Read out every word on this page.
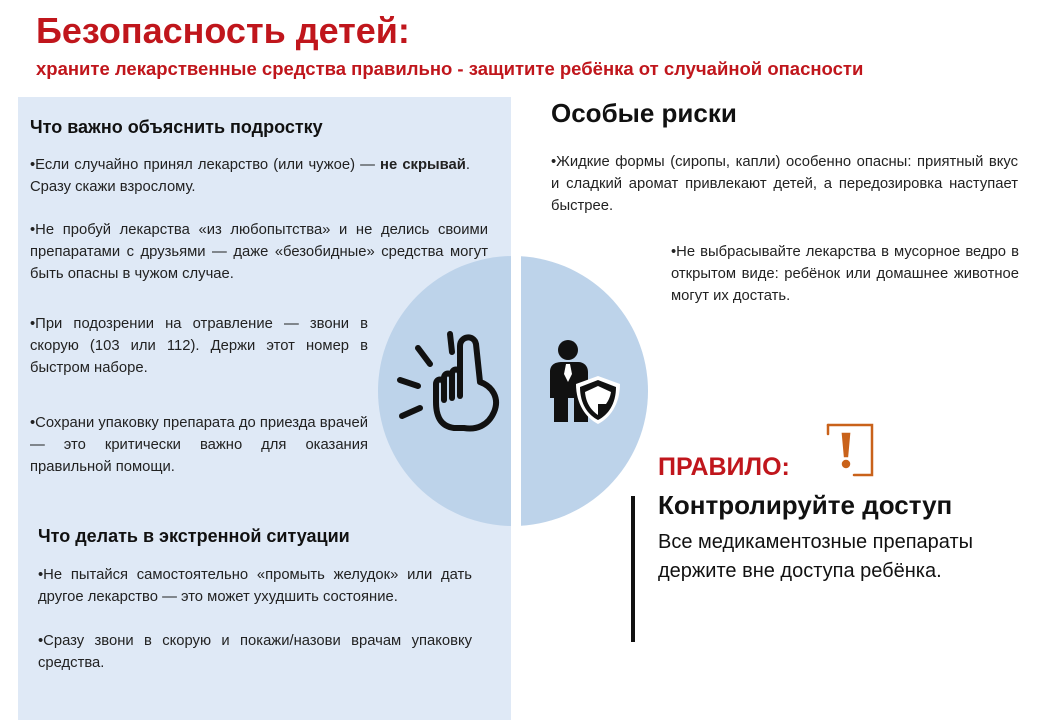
Безопасность детей:

храните лекарственные средства правильно - защитите ребёнка от случайной опасности

Что важно объяснить подростку

•Если случайно принял лекарство (или чужое) — не скрывай. Сразу скажи взрослому.

•Не пробуй лекарства «из любопытства» и не делись своими препаратами с друзьями — даже «безобидные» средства могут быть опасны в чужом случае.

•При подозрении на отравление — звони в скорую (103 или 112). Держи этот номер в быстром наборе.

•Сохрани упаковку препарата до приезда врачей — это критически важно для оказания правильной помощи.

Что делать в экстренной ситуации

•Не пытайся самостоятельно «промыть желудок» или дать другое лекарство — это может ухудшить состояние.

•Сразу звони в скорую и покажи/назови врачам упаковку средства.

Особые риски

•Жидкие формы (сиропы, капли) особенно опасны: приятный вкус и сладкий аромат привлекают детей, а передозировка наступает быстрее.

•Не выбрасывайте лекарства в мусорное ведро в открытом виде: ребёнок или домашнее животное могут их достать.

ПРАВИЛО:
Контролируйте доступ

Все медикаментозные препараты держите вне доступа ребёнка.
